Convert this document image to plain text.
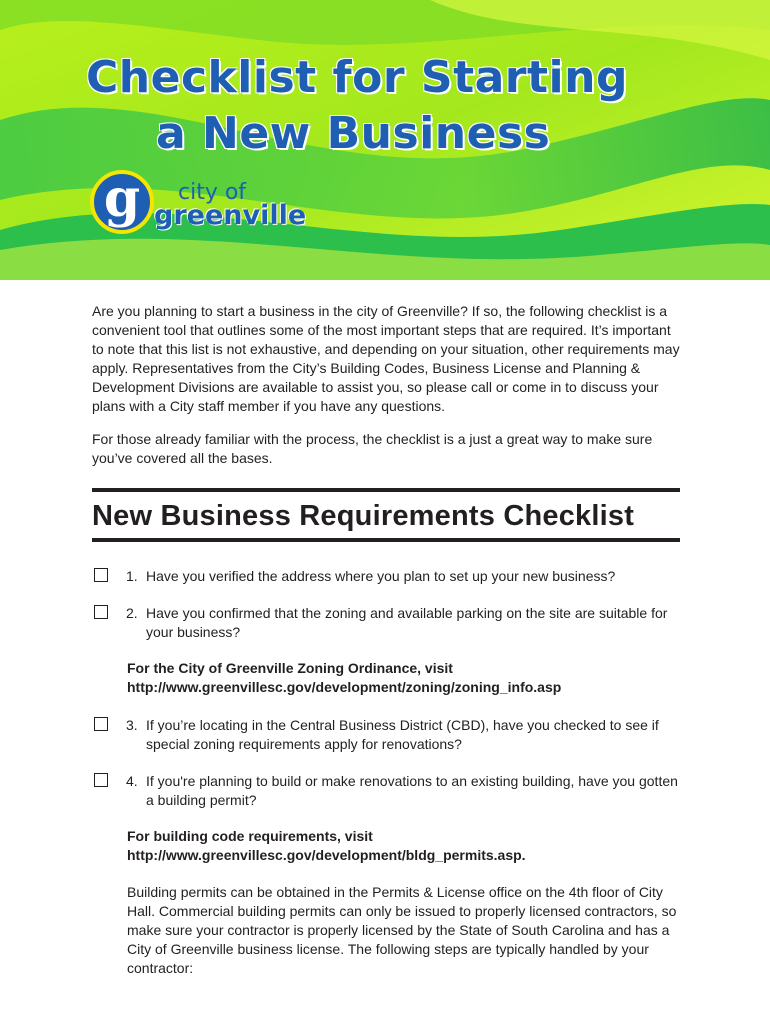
Checklist for Starting
a New Business
g	city of
greenville

Are you planning to start a business in the city of Greenville? If so, the following checklist is a convenient tool that outlines some of the most important steps that are required. It’s important to note that this list is not exhaustive, and depending on your situation, other requirements may apply. Representatives from the City’s Building Codes, Business License and Planning & Development Divisions are available to assist you, so please call or come in to discuss your plans with a City staff member if you have any questions.

For those already familiar with the process, the checklist is a just a great way to make sure you’ve covered all the bases.

New Business Requirements Checklist
1. Have you verified the address where you plan to set up your new business?
2. Have you confirmed that the zoning and available parking on the site are suitable for your business?
For the City of Greenville Zoning Ordinance, visit
http://www.greenvillesc.gov/development/zoning/zoning_info.asp
3. If you’re locating in the Central Business District (CBD), have you checked to see if special zoning requirements apply for renovations?
4. If you're planning to build or make renovations to an existing building, have you gotten a building permit?
For building code requirements, visit
http://www.greenvillesc.gov/development/bldg_permits.asp.

Building permits can be obtained in the Permits & License office on the 4th floor of City Hall. Commercial building permits can only be issued to properly licensed contractors, so make sure your contractor is properly licensed by the State of South Carolina and has a City of Greenville business license. The following steps are typically handled by your contractor:
